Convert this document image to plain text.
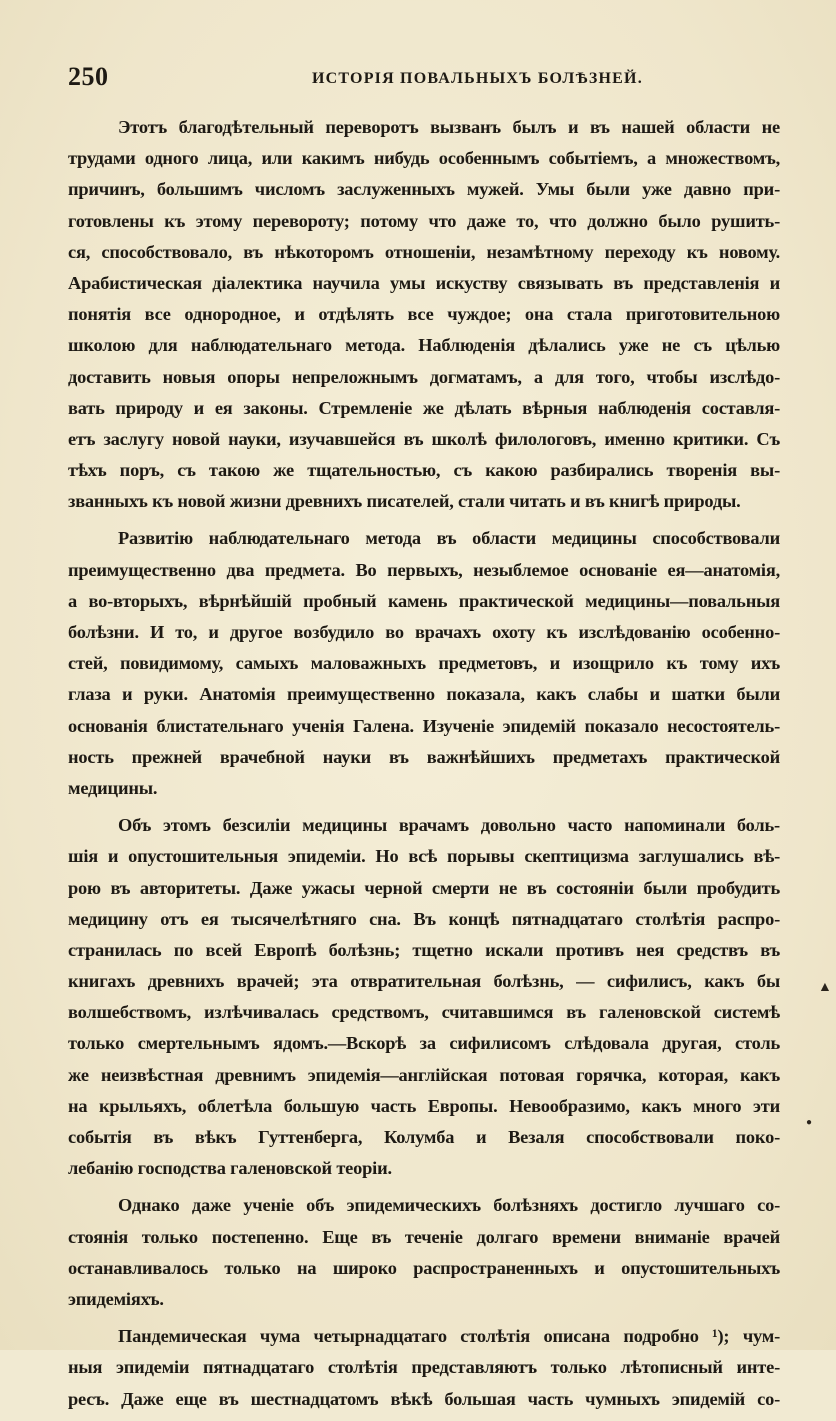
250	ИСТОРІЯ ПОВАЛЬНЫХЪ БОЛѢЗНЕЙ.
Этотъ благодѣтельный переворотъ вызванъ былъ и въ нашей области не
трудами одного лица, или какимъ нибудь особеннымъ событіемъ, а множествомъ,
причинъ, большимъ числомъ заслуженныхъ мужей. Умы были уже давно при-
готовлены къ этому перевороту; потому что даже то, что должно было рушить-
ся, способствовало, въ нѣкоторомъ отношеніи, незамѣтному переходу къ новому.
Арабистическая діалектика научила умы искуству связывать въ представленія и
понятія все однородное, и отдѣлять все чуждое; она стала приготовительною
школою для наблюдательнаго метода. Наблюденія дѣлались уже не съ цѣлью
доставить новыя опоры непреложнымъ догматамъ, а для того, чтобы изслѣдо-
вать природу и ея законы. Стремленіе же дѣлать вѣрныя наблюденія составля-
етъ заслугу новой науки, изучавшейся въ школѣ филологовъ, именно критики. Съ
тѣхъ поръ, съ такою же тщательностью, съ какою разбирались творенія вы-
званныхъ къ новой жизни древнихъ писателей, стали читать и въ книгѣ природы.
Развитію наблюдательнаго метода въ области медицины способствовали
преимущественно два предмета. Во первыхъ, незыблемое основаніе ея—анатомія,
а во-вторыхъ, вѣрнѣйшій пробный камень практической медицины—повальныя
болѣзни. И то, и другое возбудило во врачахъ охоту къ изслѣдованію особенно-
стей, повидимому, самыхъ маловажныхъ предметовъ, и изощрило къ тому ихъ
глаза и руки. Анатомія преимущественно показала, какъ слабы и шатки были
основанія блистательнаго ученія Галена. Изученіе эпидемій показало несостоятель-
ность прежней врачебной науки въ важнѣйшихъ предметахъ практической
медицины.
Объ этомъ безсиліи медицины врачамъ довольно часто напоминали боль-
шія и опустошительныя эпидеміи. Но всѣ порывы скептицизма заглушались вѣ-
рою въ авторитеты. Даже ужасы черной смерти не въ состояніи были пробудить
медицину отъ ея тысячелѣтняго сна. Въ концѣ пятнадцатаго столѣтія распро-
странилась по всей Европѣ болѣзнь; тщетно искали противъ нея средствъ въ
книгахъ древнихъ врачей; эта отвратительная болѣзнь, — сифилисъ, какъ бы
волшебствомъ, излѣчивалась средствомъ, считавшимся въ галеновской системѣ
только смертельнымъ ядомъ.—Вскорѣ за сифилисомъ слѣдовала другая, столь
же неизвѣстная древнимъ эпидемія—англійская потовая горячка, которая, какъ
на крыльяхъ, облетѣла большую часть Европы. Невообразимо, какъ много эти
событія въ вѣкъ Гуттенберга, Колумба и Везаля способствовали поко-
лебанію господства галеновской теоріи.
Однако даже ученіе объ эпидемическихъ болѣзняхъ достигло лучшаго со-
стоянія только постепенно. Еще въ теченіе долгаго времени вниманіе врачей
останавливалось только на широко распространенныхъ и опустошительныхъ
эпидеміяхъ.
Пандемическая чума четырнадцатаго столѣтія описана подробно ¹); чум-
ныя эпидеміи пятнадцатаго столѣтія представляютъ только лѣтописный инте-
ресъ. Даже еще въ шестнадцатомъ вѣкѣ большая часть чумныхъ эпидемій со-
▲
●
